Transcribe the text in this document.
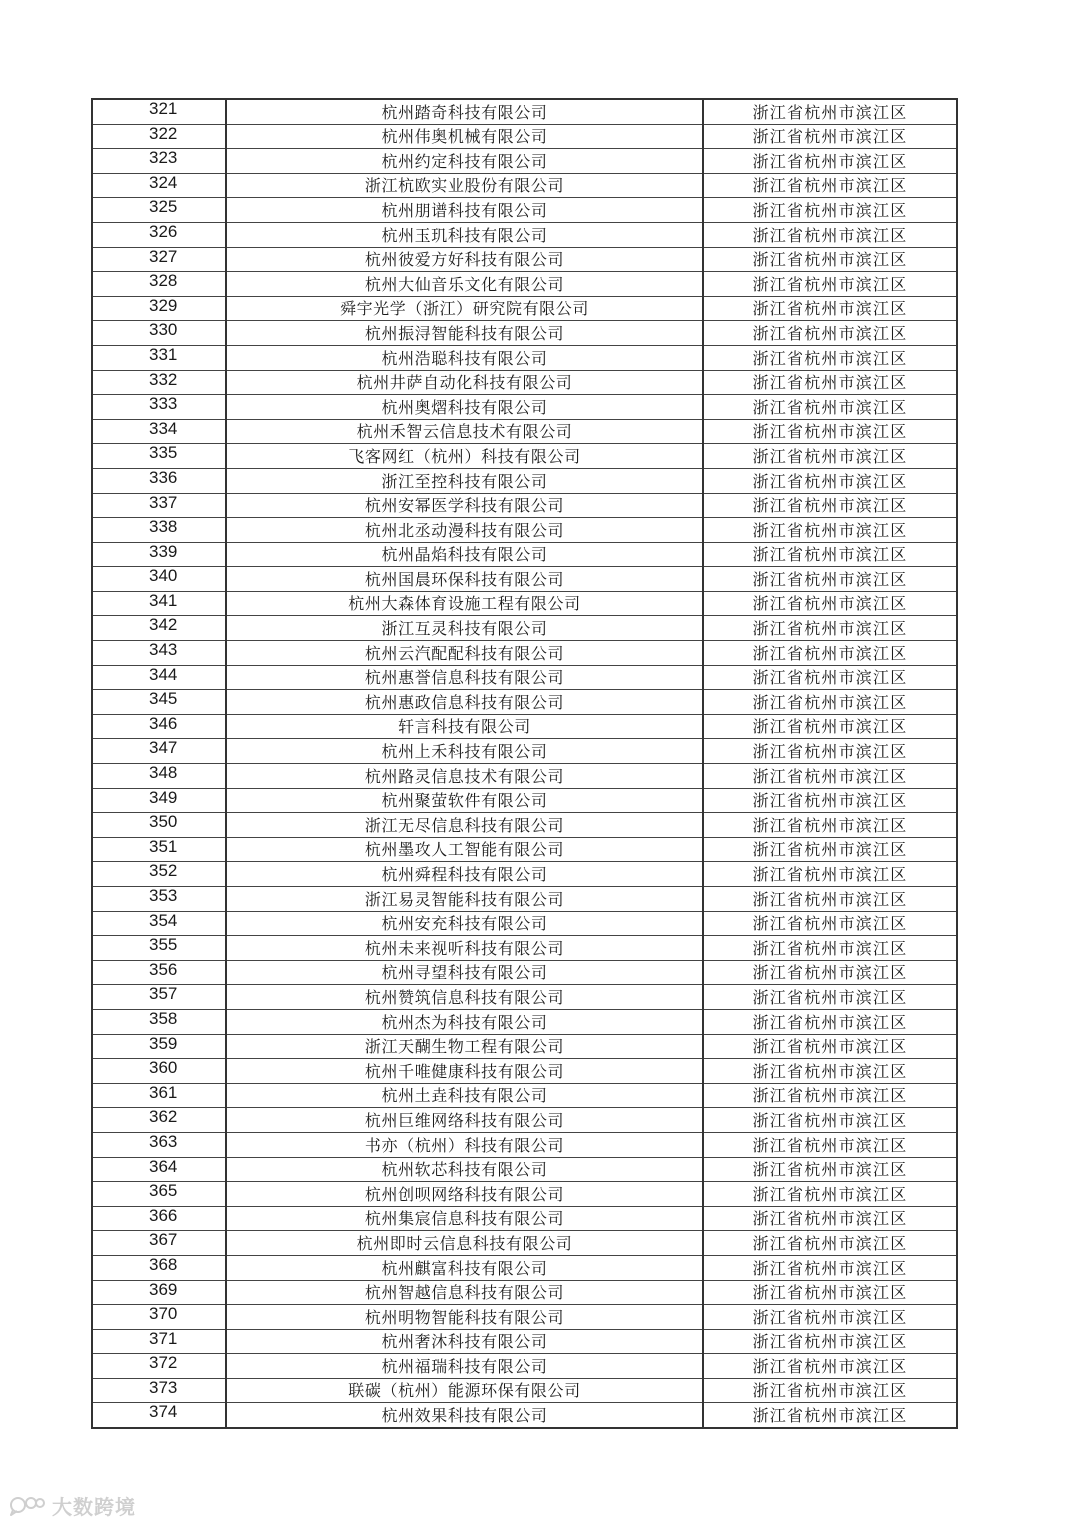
321	杭州踏奇科技有限公司	浙江省杭州市滨江区
322	杭州伟奥机械有限公司	浙江省杭州市滨江区
323	杭州约定科技有限公司	浙江省杭州市滨江区
324	浙江杭欧实业股份有限公司	浙江省杭州市滨江区
325	杭州朋谱科技有限公司	浙江省杭州市滨江区
326	杭州玉玑科技有限公司	浙江省杭州市滨江区
327	杭州彼爱方好科技有限公司	浙江省杭州市滨江区
328	杭州大仙音乐文化有限公司	浙江省杭州市滨江区
329	舜宇光学（浙江）研究院有限公司	浙江省杭州市滨江区
330	杭州振浔智能科技有限公司	浙江省杭州市滨江区
331	杭州浩聪科技有限公司	浙江省杭州市滨江区
332	杭州井萨自动化科技有限公司	浙江省杭州市滨江区
333	杭州奥熠科技有限公司	浙江省杭州市滨江区
334	杭州禾智云信息技术有限公司	浙江省杭州市滨江区
335	飞客网红（杭州）科技有限公司	浙江省杭州市滨江区
336	浙江至控科技有限公司	浙江省杭州市滨江区
337	杭州安幂医学科技有限公司	浙江省杭州市滨江区
338	杭州北丞动漫科技有限公司	浙江省杭州市滨江区
339	杭州晶焰科技有限公司	浙江省杭州市滨江区
340	杭州国晨环保科技有限公司	浙江省杭州市滨江区
341	杭州大森体育设施工程有限公司	浙江省杭州市滨江区
342	浙江互灵科技有限公司	浙江省杭州市滨江区
343	杭州云汽配配科技有限公司	浙江省杭州市滨江区
344	杭州惠誉信息科技有限公司	浙江省杭州市滨江区
345	杭州惠政信息科技有限公司	浙江省杭州市滨江区
346	轩言科技有限公司	浙江省杭州市滨江区
347	杭州上禾科技有限公司	浙江省杭州市滨江区
348	杭州路灵信息技术有限公司	浙江省杭州市滨江区
349	杭州聚萤软件有限公司	浙江省杭州市滨江区
350	浙江无尽信息科技有限公司	浙江省杭州市滨江区
351	杭州墨攻人工智能有限公司	浙江省杭州市滨江区
352	杭州舜程科技有限公司	浙江省杭州市滨江区
353	浙江易灵智能科技有限公司	浙江省杭州市滨江区
354	杭州安充科技有限公司	浙江省杭州市滨江区
355	杭州未来视听科技有限公司	浙江省杭州市滨江区
356	杭州寻望科技有限公司	浙江省杭州市滨江区
357	杭州赞筑信息科技有限公司	浙江省杭州市滨江区
358	杭州杰为科技有限公司	浙江省杭州市滨江区
359	浙江天醐生物工程有限公司	浙江省杭州市滨江区
360	杭州千唯健康科技有限公司	浙江省杭州市滨江区
361	杭州土垚科技有限公司	浙江省杭州市滨江区
362	杭州巨维网络科技有限公司	浙江省杭州市滨江区
363	书亦（杭州）科技有限公司	浙江省杭州市滨江区
364	杭州软芯科技有限公司	浙江省杭州市滨江区
365	杭州创呗网络科技有限公司	浙江省杭州市滨江区
366	杭州集宸信息科技有限公司	浙江省杭州市滨江区
367	杭州即时云信息科技有限公司	浙江省杭州市滨江区
368	杭州麒富科技有限公司	浙江省杭州市滨江区
369	杭州智越信息科技有限公司	浙江省杭州市滨江区
370	杭州明物智能科技有限公司	浙江省杭州市滨江区
371	杭州奢沐科技有限公司	浙江省杭州市滨江区
372	杭州福瑞科技有限公司	浙江省杭州市滨江区
373	联碳（杭州）能源环保有限公司	浙江省杭州市滨江区
374	杭州效果科技有限公司	浙江省杭州市滨江区
大数跨境
